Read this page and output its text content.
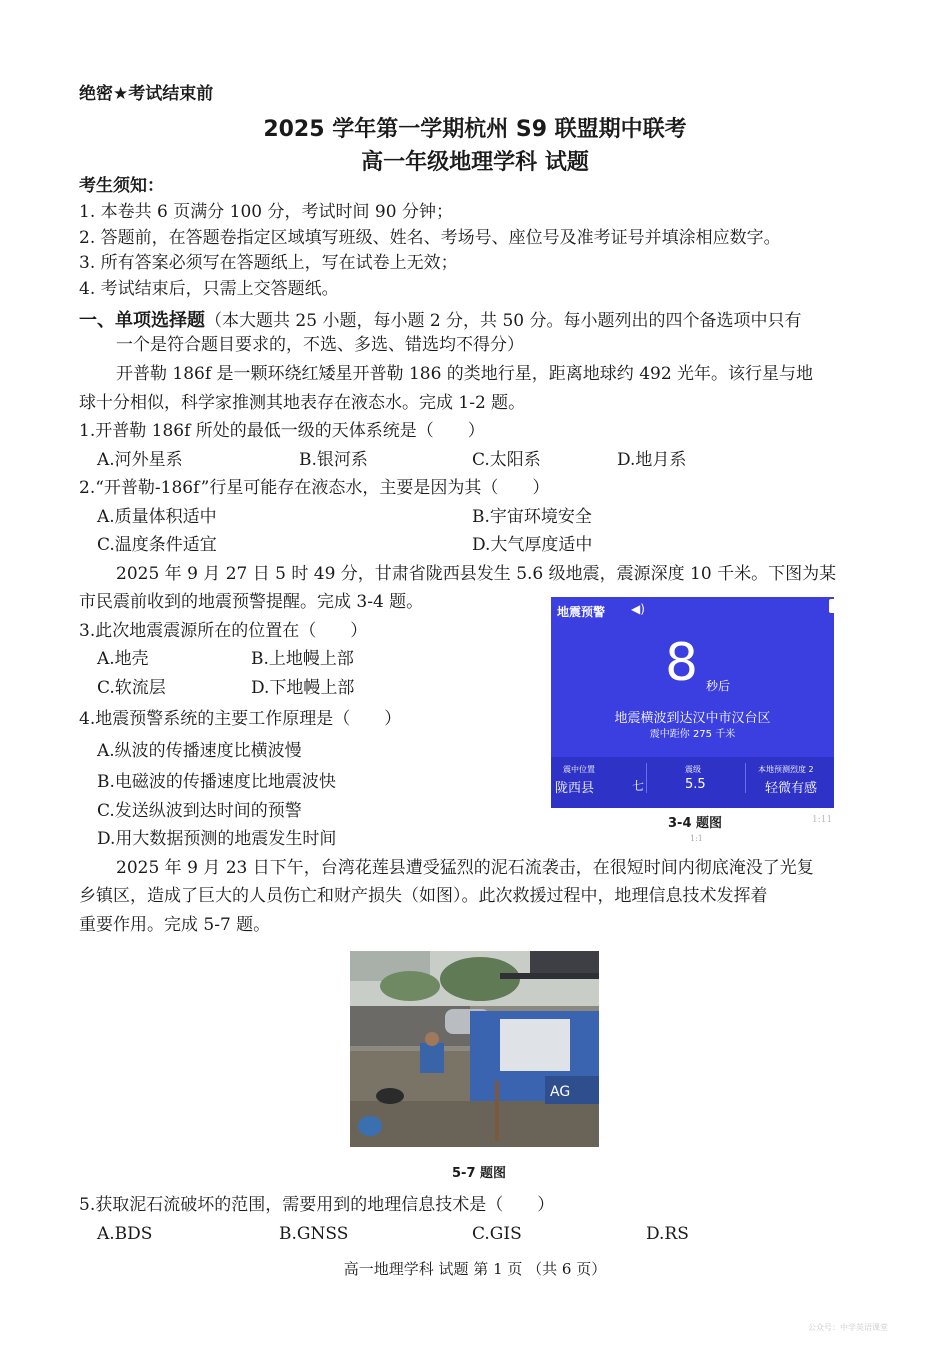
绝密★考试结束前
2025 学年第一学期杭州 S9 联盟期中联考
高一年级地理学科 试题
考生须知：
1. 本卷共 6 页满分 100 分，考试时间 90 分钟；
2. 答题前，在答题卷指定区域填写班级、姓名、考场号、座位号及准考证号并填涂相应数字。
3. 所有答案必须写在答题纸上，写在试卷上无效；
4. 考试结束后，只需上交答题纸。
一、单项选择题（本大题共 25 小题，每小题 2 分，共 50 分。每小题列出的四个备选项中只有
一个是符合题目要求的，不选、多选、错选均不得分）
开普勒 186f 是一颗环绕红矮星开普勒 186 的类地行星，距离地球约 492 光年。该行星与地
球十分相似，科学家推测其地表存在液态水。完成 1-2 题。
1.开普勒 186f 所处的最低一级的天体系统是（　　）
A.河外星系	B.银河系	C.太阳系	D.地月系
2.“开普勒-186f”行星可能存在液态水，主要是因为其（　　）
A.质量体积适中	B.宇宙环境安全
C.温度条件适宜	D.大气厚度适中
2025 年 9 月 27 日 5 时 49 分，甘肃省陇西县发生 5.6 级地震，震源深度 10 千米。下图为某
市民震前收到的地震预警提醒。完成 3-4 题。
3.此次地震震源所在的位置在（　　）
A.地壳	B.上地幔上部
C.软流层	D.下地幔上部
4.地震预警系统的主要工作原理是（　　）
A.纵波的传播速度比横波慢
B.电磁波的传播速度比地震波快
C.发送纵波到达时间的预警
D.用大数据预测的地震发生时间
地震预警 ◀)
8 秒后
地震横波到达汉中市汉台区
震中距你 275 千米
震中位置
陇西县	七
震级
5.5
本地预测烈度 2
轻微有感
3-4 题图
1:1
1:11
2025 年 9 月 23 日下午，台湾花莲县遭受猛烈的泥石流袭击，在很短时间内彻底淹没了光复
乡镇区，造成了巨大的人员伤亡和财产损失（如图）。此次救援过程中，地理信息技术发挥着
重要作用。完成 5-7 题。
AG
5-7 题图
5.获取泥石流破坏的范围，需要用到的地理信息技术是（　　）
A.BDS	B.GNSS	C.GIS	D.RS
高一地理学科 试题 第 1 页 （共 6 页）
公众号：中学英语课堂
